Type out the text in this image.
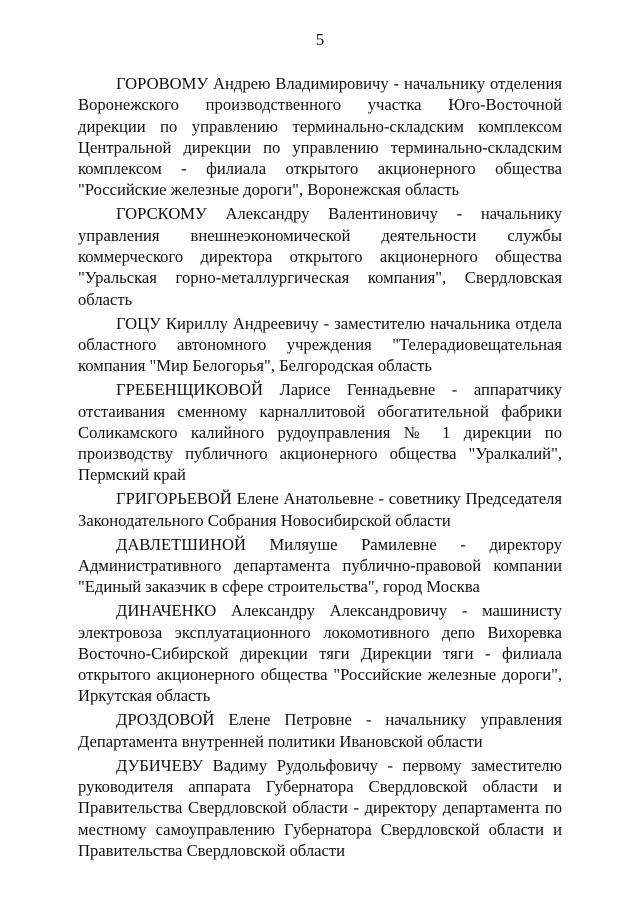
5

ГОРОВОМУ Андрею Владимировичу - начальнику отделения Воронежского производственного участка Юго-Восточной дирекции по управлению терминально-складским комплексом Центральной дирекции по управлению терминально-складским комплексом - филиала открытого акционерного общества "Российские железные дороги", Воронежская область

ГОРСКОМУ Александру Валентиновичу - начальнику управления внешнеэкономической деятельности службы коммерческого директора открытого акционерного общества "Уральская горно-металлургическая компания", Свердловская область

ГОЦУ Кириллу Андреевичу - заместителю начальника отдела областного автономного учреждения "Телерадиовещательная компания "Мир Белогорья", Белгородская область

ГРЕБЕНЩИКОВОЙ Ларисе Геннадьевне - аппаратчику отстаивания сменному карналлитовой обогатительной фабрики Соликамского калийного рудоуправления № 1 дирекции по производству публичного акционерного общества "Уралкалий", Пермский край

ГРИГОРЬЕВОЙ Елене Анатольевне - советнику Председателя Законодательного Собрания Новосибирской области

ДАВЛЕТШИНОЙ Миляуше Рамилевне - директору Административного департамента публично-правовой компании "Единый заказчик в сфере строительства", город Москва

ДИНАЧЕНКО Александру Александровичу - машинисту электровоза эксплуатационного локомотивного депо Вихоревка Восточно-Сибирской дирекции тяги Дирекции тяги - филиала открытого акционерного общества "Российские железные дороги", Иркутская область

ДРОЗДОВОЙ Елене Петровне - начальнику управления Департамента внутренней политики Ивановской области

ДУБИЧЕВУ Вадиму Рудольфовичу - первому заместителю руководителя аппарата Губернатора Свердловской области и Правительства Свердловской области - директору департамента по местному самоуправлению Губернатора Свердловской области и Правительства Свердловской области
